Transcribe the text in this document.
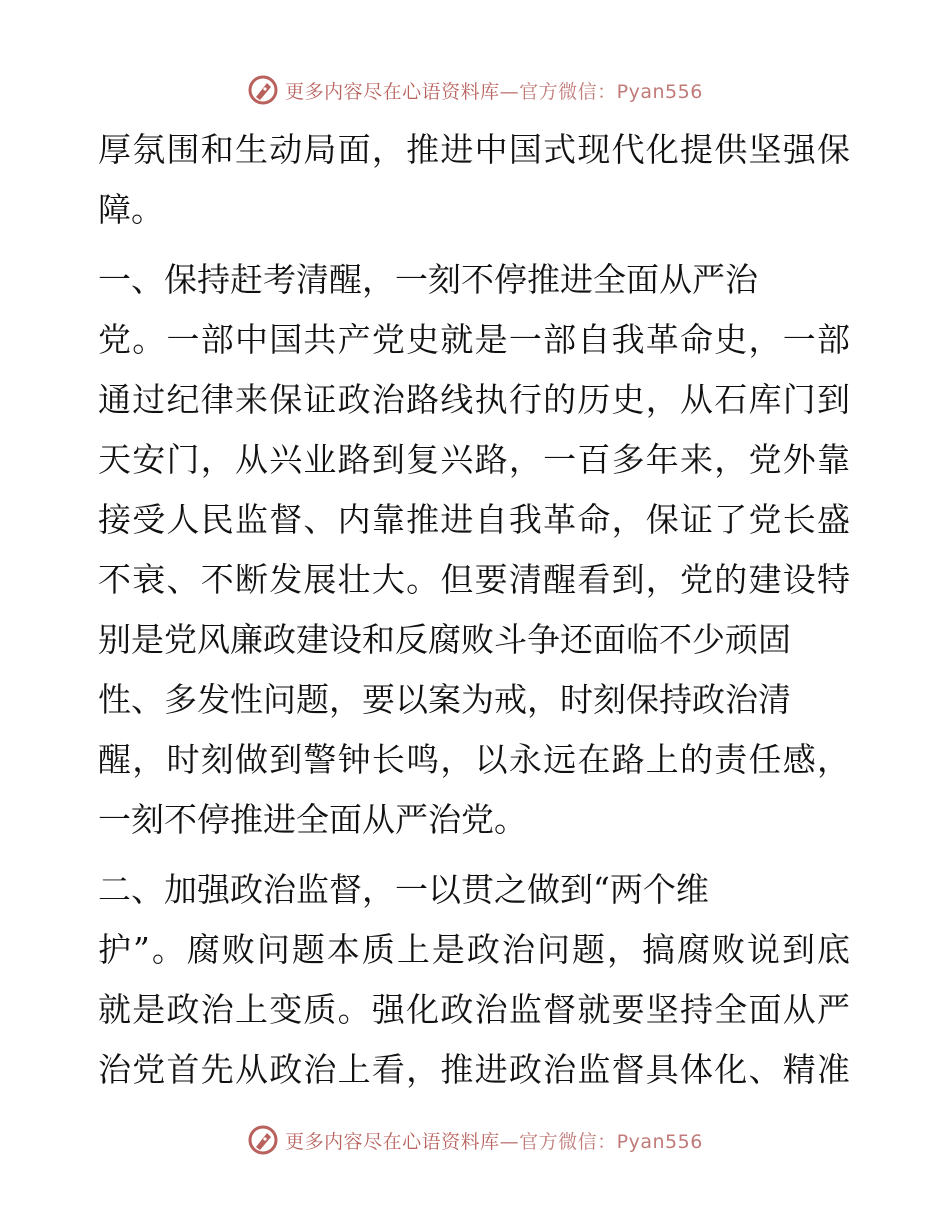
更多内容尽在心语资料库—官方微信：Pyan556
厚氛围和生动局面，推进中国式现代化提供坚强保
障。
一、保持赶考清醒，一刻不停推进全面从严治
党。一部中国共产党史就是一部自我革命史，一部
通过纪律来保证政治路线执行的历史，从石库门到
天安门，从兴业路到复兴路，一百多年来，党外靠
接受人民监督、内靠推进自我革命，保证了党长盛
不衰、不断发展壮大。但要清醒看到，党的建设特
别是党风廉政建设和反腐败斗争还面临不少顽固
性、多发性问题，要以案为戒，时刻保持政治清
醒，时刻做到警钟长鸣，以永远在路上的责任感，
一刻不停推进全面从严治党。
二、加强政治监督，一以贯之做到“两个维
护”。腐败问题本质上是政治问题，搞腐败说到底
就是政治上变质。强化政治监督就要坚持全面从严
治党首先从政治上看，推进政治监督具体化、精准
更多内容尽在心语资料库—官方微信：Pyan556
